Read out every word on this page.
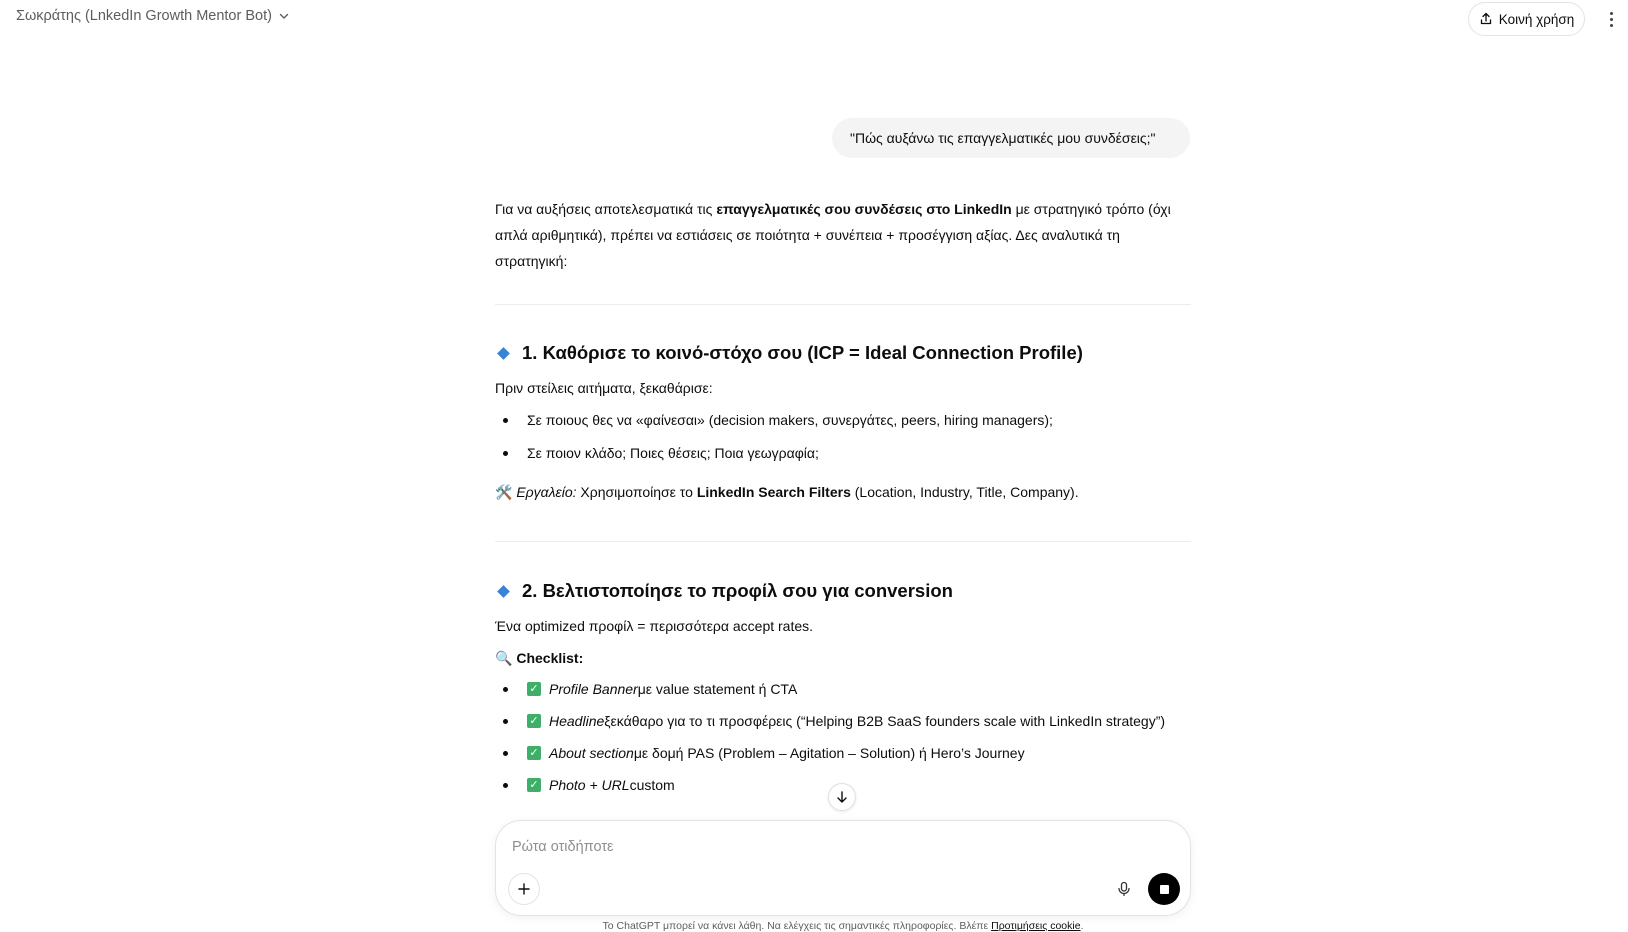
Σωκράτης (LnkedIn Growth Mentor Bot)	Κοινή χρήση
"Πώς αυξάνω τις επαγγελματικές μου συνδέσεις;"
Για να αυξήσεις αποτελεσματικά τις επαγγελματικές σου συνδέσεις στο LinkedIn με στρατηγικό τρόπο (όχι απλά αριθμητικά), πρέπει να εστιάσεις σε ποιότητα + συνέπεια + προσέγγιση αξίας. Δες αναλυτικά τη στρατηγική:
1. Καθόρισε το κοινό-στόχο σου (ICP = Ideal Connection Profile)
Πριν στείλεις αιτήματα, ξεκαθάρισε:
Σε ποιους θες να «φαίνεσαι» (decision makers, συνεργάτες, peers, hiring managers);
Σε ποιον κλάδο; Ποιες θέσεις; Ποια γεωγραφία;
🛠️ Εργαλείο: Χρησιμοποίησε το LinkedIn Search Filters (Location, Industry, Title, Company).
2. Βελτιστοποίησε το προφίλ σου για conversion
Ένα optimized προφίλ = περισσότερα accept rates.
🔍 Checklist:
✓ Profile Banner με value statement ή CTA
✓ Headline ξεκάθαρο για το τι προσφέρεις (“Helping B2B SaaS founders scale with LinkedIn strategy”)
✓ About section με δομή PAS (Problem – Agitation – Solution) ή Hero’s Journey
✓ Photo + URL custom
Ρώτα οτιδήποτε
Το ChatGPT μπορεί να κάνει λάθη. Να ελέγχεις τις σημαντικές πληροφορίες. Βλέπε Προτιμήσεις cookie.
